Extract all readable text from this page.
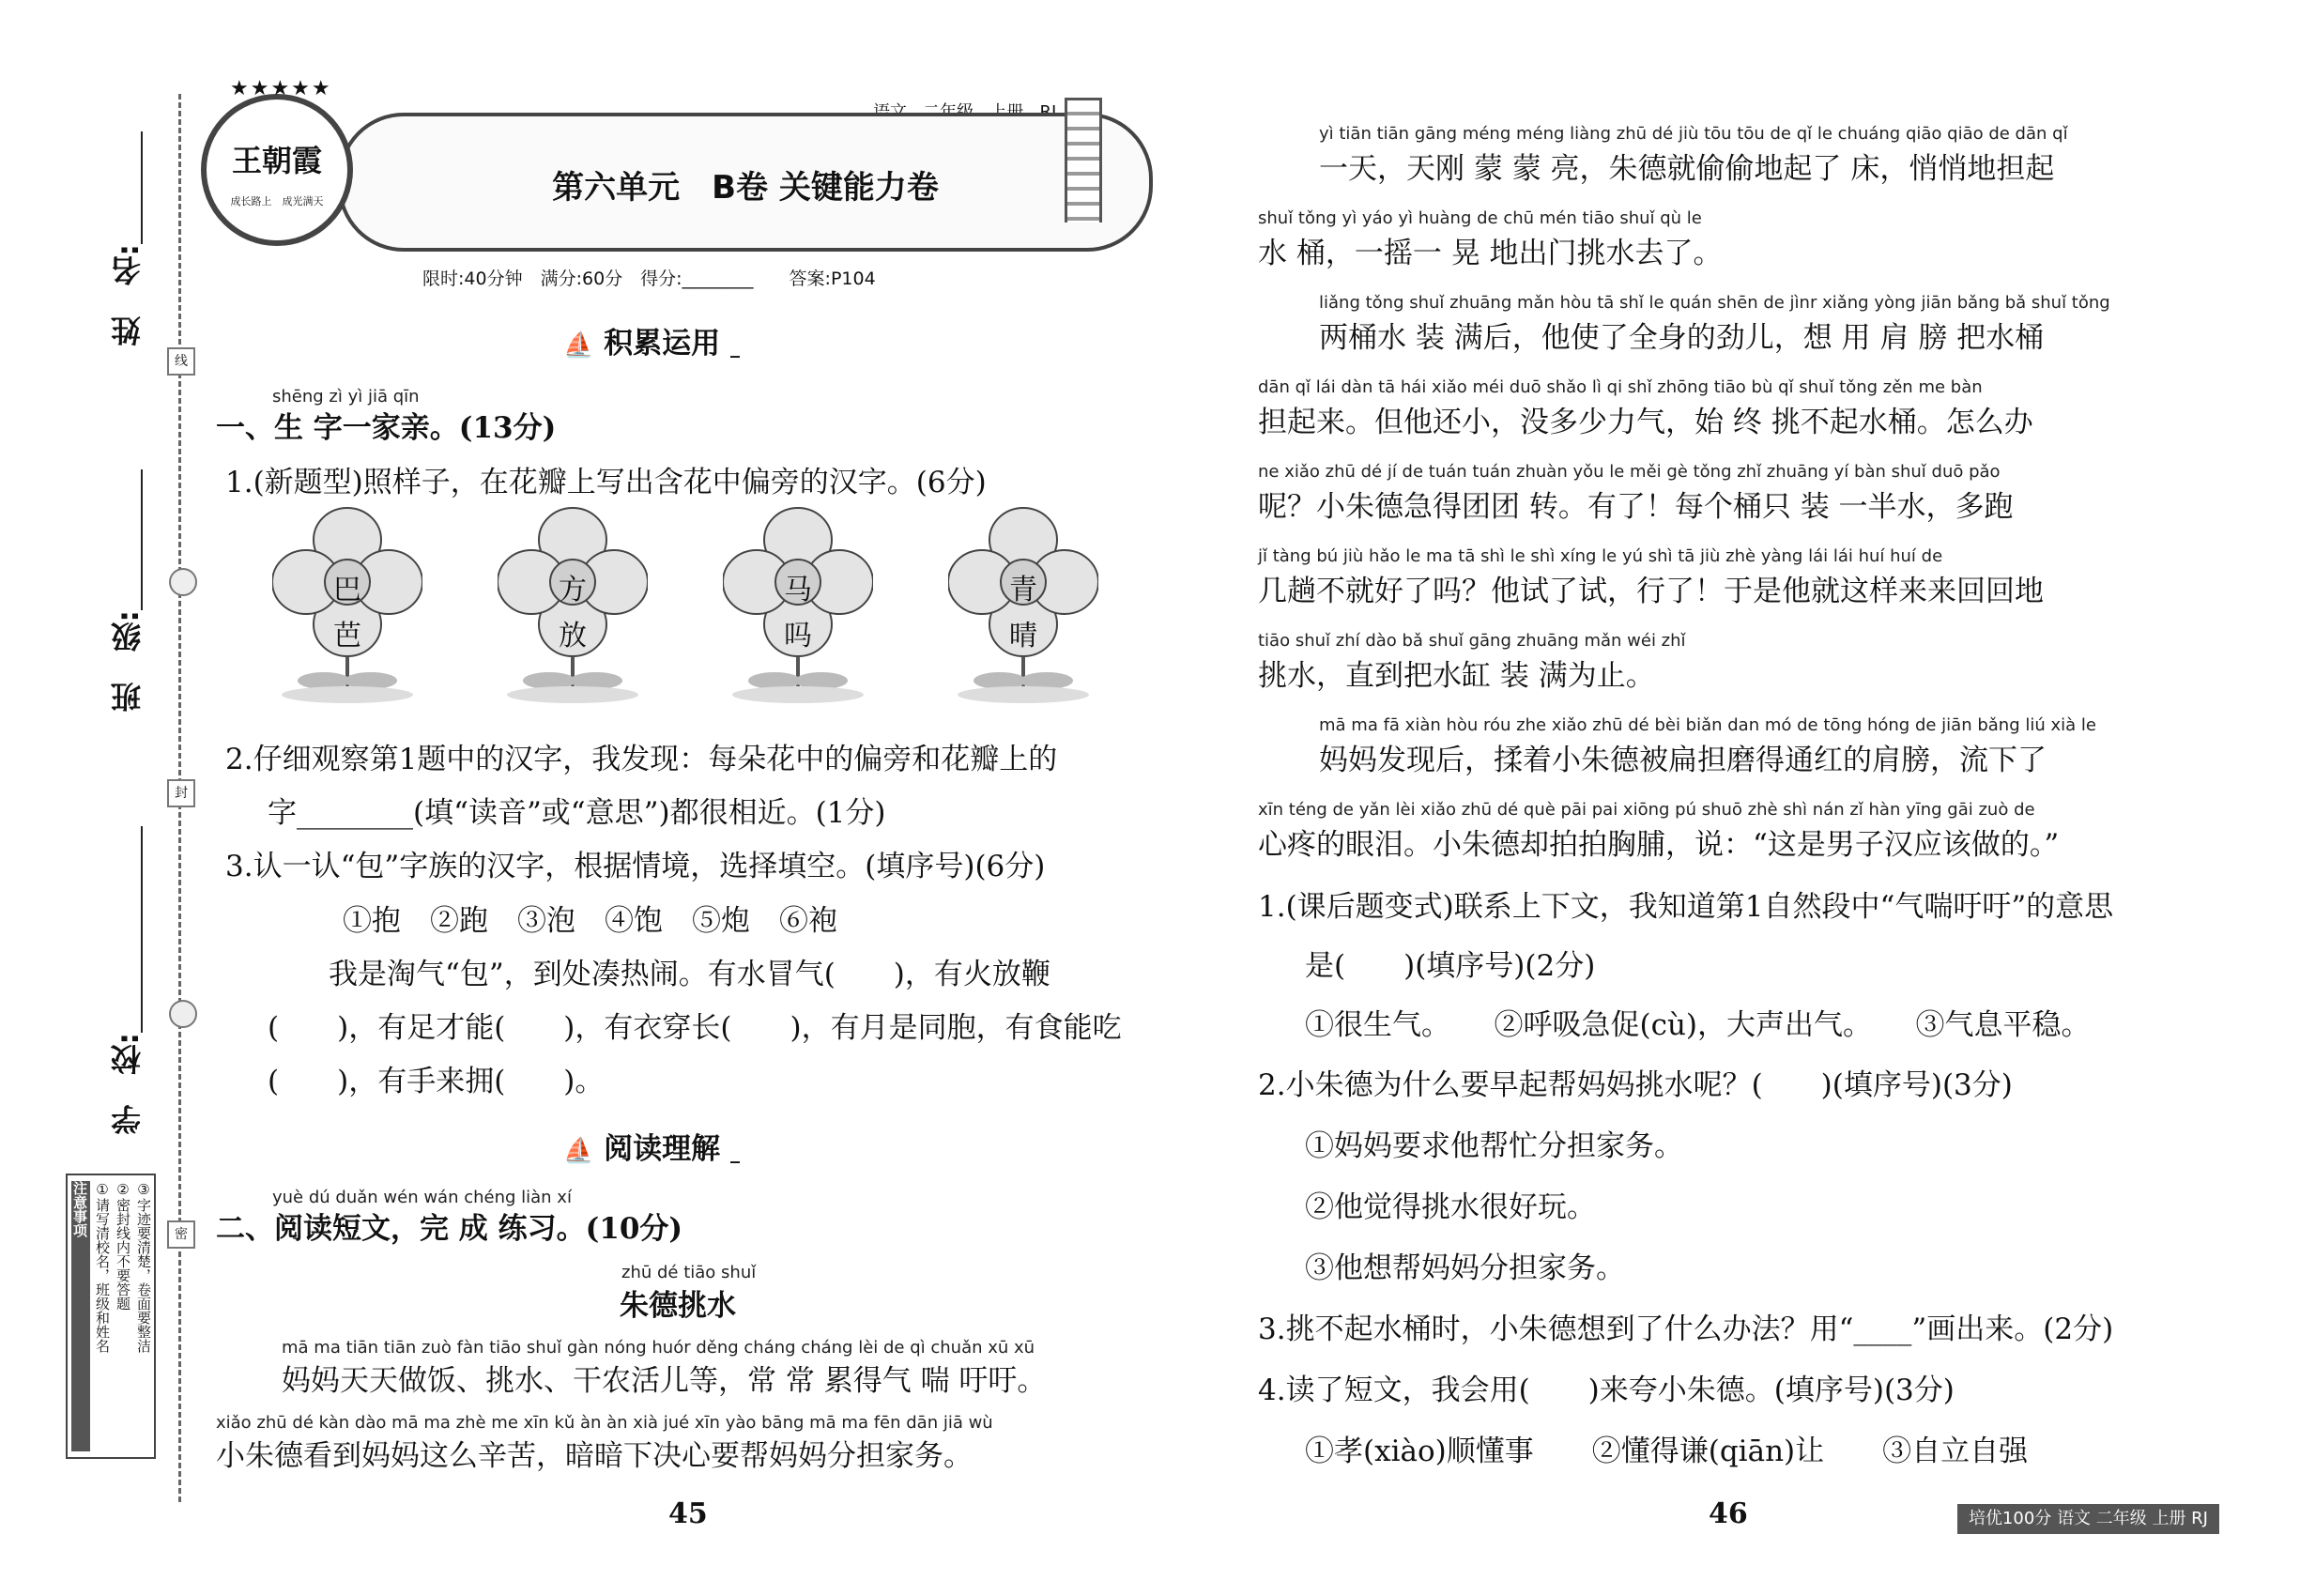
姓　名:
班　级:
学　校:
线
封
密
注意事项 ①请写清校名，班级和姓名 ②密封线内不要答题 ③字迹要清楚，卷面要整洁

第六单元　B卷 关键能力卷
王朝霞
成长路上　成光满天
★★★★★
限时:40分钟　满分:60分　得分:________　　答案:P104
⛵ 积累运用 _
shēng zì yì jiā qīn
一、生 字一家亲。(13分)
1.(新题型)照样子，在花瓣上写出含花中偏旁的汉字。(6分)
巴
芭
方
放
马
吗
青
晴
2.仔细观察第1题中的汉字，我发现：每朵花中的偏旁和花瓣上的
字________(填“读音”或“意思”)都很相近。(1分)
3.认一认“包”字族的汉字，根据情境，选择填空。(填序号)(6分)
①抱　②跑　③泡　④饱　⑤炮　⑥袍
我是淘气“包”，到处凑热闹。有水冒气(　　)，有火放鞭
(　　)，有足才能(　　)，有衣穿长(　　)，有月是同胞，有食能吃
(　　)，有手来拥(　　)。
⛵ 阅读理解 _
yuè dú duǎn wén wán chéng liàn xí
二、阅读短文，完 成 练习。(10分)
zhū dé tiāo shuǐ
朱德挑水
mā ma tiān tiān zuò fàn tiāo shuǐ gàn nóng huór děng cháng cháng lèi de qì chuǎn xū xū
妈妈天天做饭、挑水、干农活儿等，常 常 累得气 喘 吁吁。
xiǎo zhū dé kàn dào mā ma zhè me xīn kǔ àn àn xià jué xīn yào bāng mā ma fēn dān jiā wù
小朱德看到妈妈这么辛苦，暗暗下决心要帮妈妈分担家务。
45
yì tiān tiān gāng méng méng liàng zhū dé jiù tōu tōu de qǐ le chuáng qiāo qiāo de dān qǐ
一天，天刚 蒙 蒙 亮，朱德就偷偷地起了 床，悄悄地担起
shuǐ tǒng yì yáo yì huàng de chū mén tiāo shuǐ qù le
水 桶，一摇一 晃 地出门挑水去了。
liǎng tǒng shuǐ zhuāng mǎn hòu tā shǐ le quán shēn de jìnr xiǎng yòng jiān bǎng bǎ shuǐ tǒng
两桶水 装 满后，他使了全身的劲儿，想 用 肩 膀 把水桶
dān qǐ lái dàn tā hái xiǎo méi duō shǎo lì qi shǐ zhōng tiāo bù qǐ shuǐ tǒng zěn me bàn
担起来。但他还小，没多少力气，始 终 挑不起水桶。怎么办
ne xiǎo zhū dé jí de tuán tuán zhuàn yǒu le měi gè tǒng zhǐ zhuāng yí bàn shuǐ duō pǎo
呢？小朱德急得团团 转。有了！每个桶只 装 一半水，多跑
jǐ tàng bú jiù hǎo le ma tā shì le shì xíng le yú shì tā jiù zhè yàng lái lái huí huí de
几趟不就好了吗？他试了试，行了！于是他就这样来来回回地
tiāo shuǐ zhí dào bǎ shuǐ gāng zhuāng mǎn wéi zhǐ
挑水，直到把水缸 装 满为止。
mā ma fā xiàn hòu róu zhe xiǎo zhū dé bèi biǎn dan mó de tōng hóng de jiān bǎng liú xià le
妈妈发现后，揉着小朱德被扁担磨得通红的肩膀，流下了
xīn téng de yǎn lèi xiǎo zhū dé què pāi pai xiōng pú shuō zhè shì nán zǐ hàn yīng gāi zuò de
心疼的眼泪。小朱德却拍拍胸脯，说：“这是男子汉应该做的。”
1.(课后题变式)联系上下文，我知道第1自然段中“气喘吁吁”的意思
是(　　)(填序号)(2分)
①很生气。　　②呼吸急促(cù)，大声出气。　　③气息平稳。
2.小朱德为什么要早起帮妈妈挑水呢？(　　)(填序号)(3分)
①妈妈要求他帮忙分担家务。
②他觉得挑水很好玩。
③他想帮妈妈分担家务。
3.挑不起水桶时，小朱德想到了什么办法？用“____”画出来。(2分)
4.读了短文，我会用(　　)来夸小朱德。(填序号)(3分)
①孝(xiào)顺懂事　　②懂得谦(qiān)让　　③自立自强
46	培优100分 语文 二年级 上册 RJ
